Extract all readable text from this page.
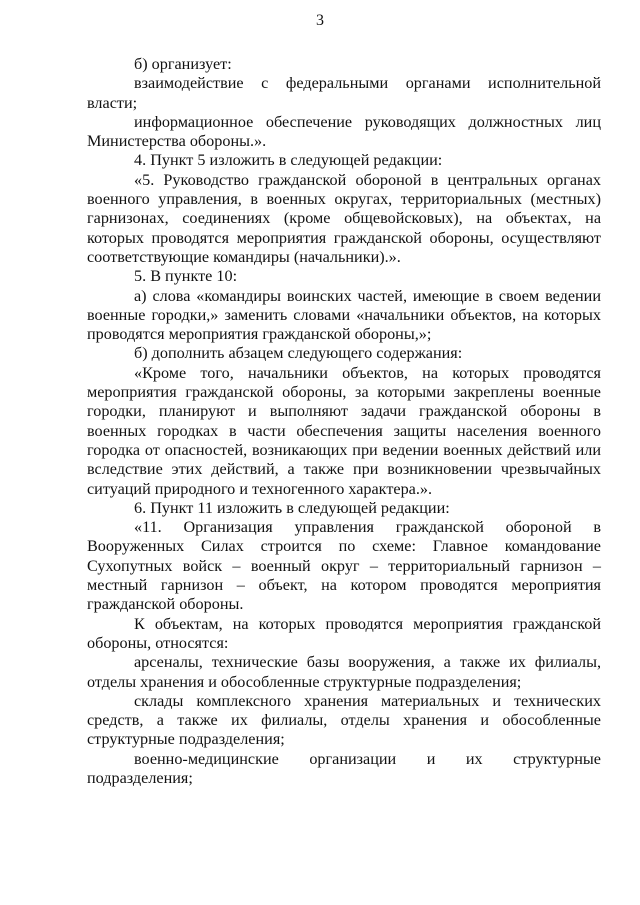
3

б) организует:

взаимодействие с федеральными органами исполнительной власти;

информационное обеспечение руководящих должностных лиц Министерства обороны.».

4. Пункт 5 изложить в следующей редакции:

«5. Руководство гражданской обороной в центральных органах военного управления, в военных округах, территориальных (местных) гарнизонах, соединениях (кроме общевойсковых), на объектах, на которых проводятся мероприятия гражданской обороны, осуществляют соответствующие командиры (начальники).».

5. В пункте 10:

а) слова «командиры воинских частей, имеющие в своем ведении военные городки,» заменить словами «начальники объектов, на которых проводятся мероприятия гражданской обороны,»;

б) дополнить абзацем следующего содержания:

«Кроме того, начальники объектов, на которых проводятся мероприятия гражданской обороны, за которыми закреплены военные городки, планируют и выполняют задачи гражданской обороны в военных городках в части обеспечения защиты населения военного городка от опасностей, возникающих при ведении военных действий или вследствие этих действий, а также при возникновении чрезвычайных ситуаций природного и техногенного характера.».

6. Пункт 11 изложить в следующей редакции:

«11. Организация управления гражданской обороной в Вооруженных Силах строится по схеме: Главное командование Сухопутных войск – военный округ – территориальный гарнизон – местный гарнизон – объект, на котором проводятся мероприятия гражданской обороны.

К объектам, на которых проводятся мероприятия гражданской обороны, относятся:

арсеналы, технические базы вооружения, а также их филиалы, отделы хранения и обособленные структурные подразделения;

склады комплексного хранения материальных и технических средств, а также их филиалы, отделы хранения и обособленные структурные подразделения;

военно-медицинские организации и их структурные подразделения;
